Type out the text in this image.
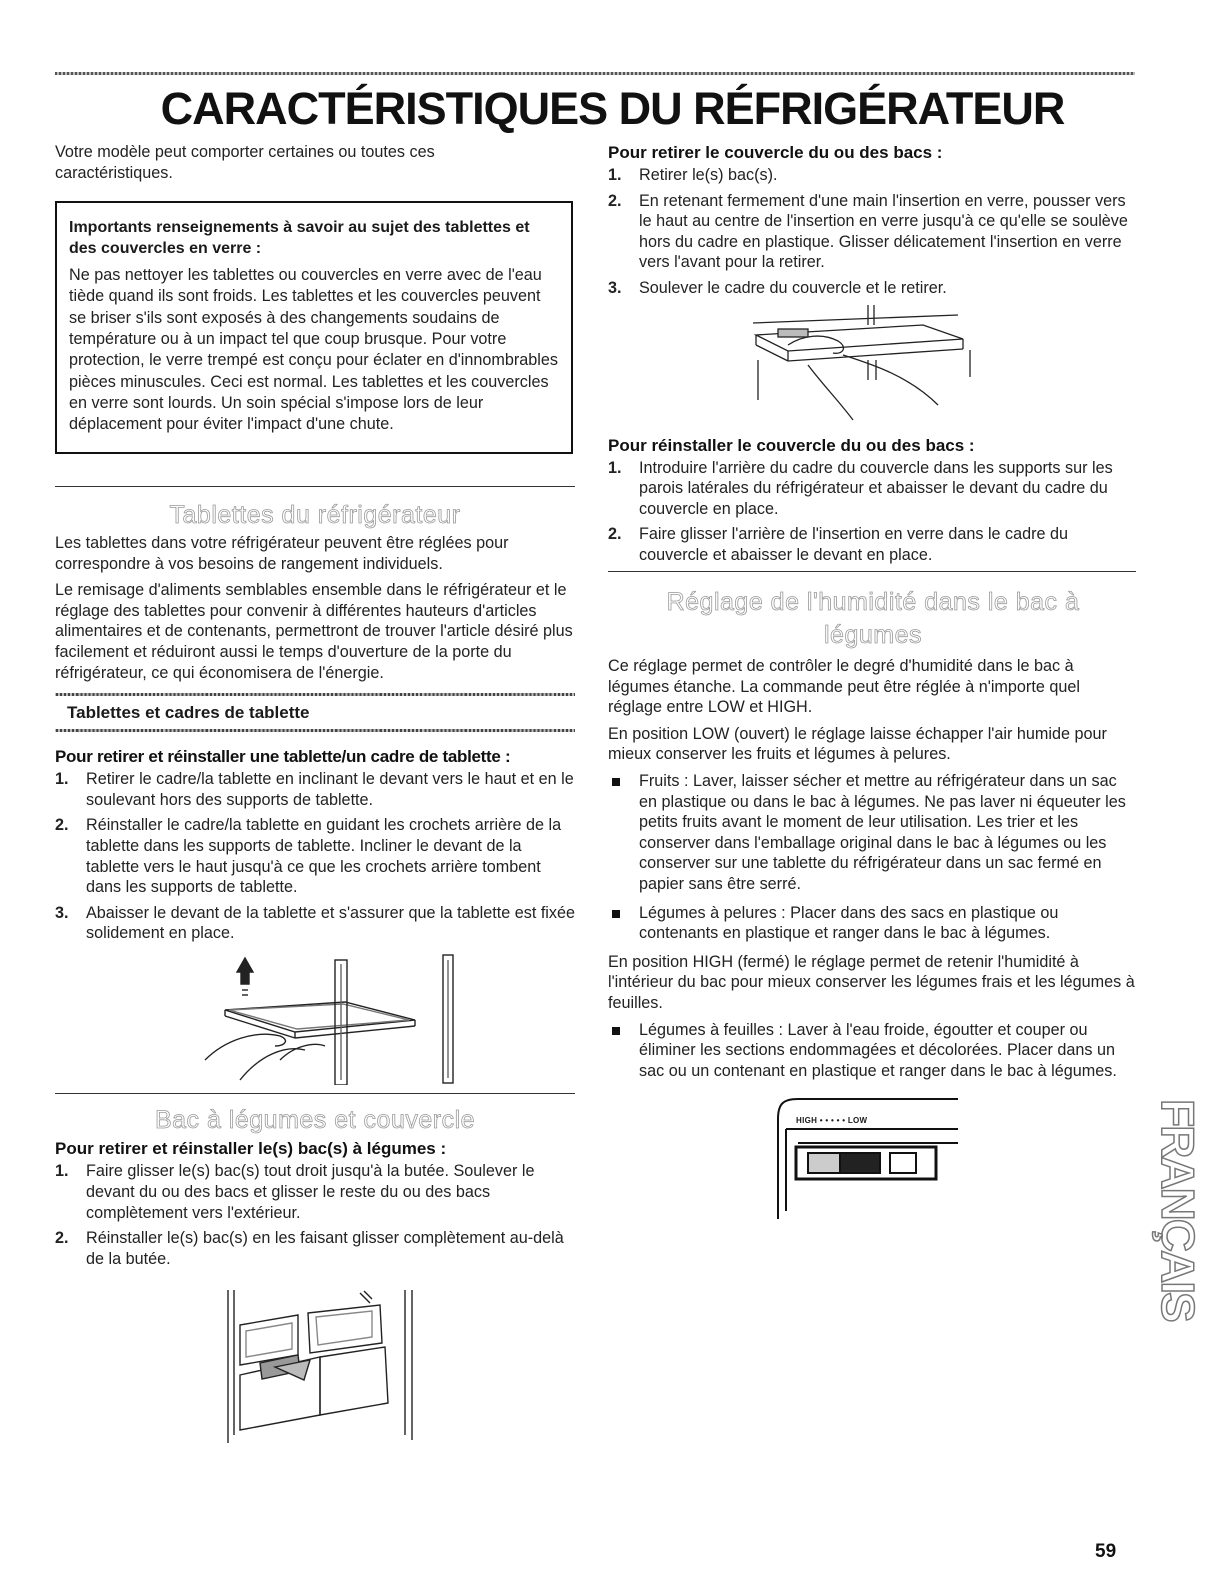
CARACTÉRISTIQUES DU RÉFRIGÉRATEUR

Votre modèle peut comporter certaines ou toutes ces caractéristiques.

Importants renseignements à savoir au sujet des tablettes et des couvercles en verre :
Ne pas nettoyer les tablettes ou couvercles en verre avec de l'eau tiède quand ils sont froids. Les tablettes et les couvercles peuvent se briser s'ils sont exposés à des changements soudains de température ou à un impact tel que coup brusque. Pour votre protection, le verre trempé est conçu pour éclater en d'innombrables pièces minuscules. Ceci est normal. Les tablettes et les couvercles en verre sont lourds. Un soin spécial s'impose lors de leur déplacement pour éviter l'impact d'une chute.
Tablettes du réfrigérateur

Les tablettes dans votre réfrigérateur peuvent être réglées pour correspondre à vos besoins de rangement individuels.

Le remisage d'aliments semblables ensemble dans le réfrigérateur et le réglage des tablettes pour convenir à différentes hauteurs d'articles alimentaires et de contenants, permettront de trouver l'article désiré plus facilement et réduiront aussi le temps d'ouverture de la porte du réfrigérateur, ce qui économisera de l'énergie.

Tablettes et cadres de tablette
Pour retirer et réinstaller une tablette/un cadre de tablette :
1. Retirer le cadre/la tablette en inclinant le devant vers le haut et en le soulevant hors des supports de tablette.
2. Réinstaller le cadre/la tablette en guidant les crochets arrière de la tablette dans les supports de tablette. Incliner le devant de la tablette vers le haut jusqu'à ce que les crochets arrière tombent dans les supports de tablette.
3. Abaisser le devant de la tablette et s'assurer que la tablette est fixée solidement en place.
Bac à légumes et couvercle
Pour retirer et réinstaller le(s) bac(s) à légumes :
1. Faire glisser le(s) bac(s) tout droit jusqu'à la butée. Soulever le devant du ou des bacs et glisser le reste du ou des bacs complètement vers l'extérieur.
2. Réinstaller le(s) bac(s) en les faisant glisser complètement au-delà de la butée.
Pour retirer le couvercle du ou des bacs :
1. Retirer le(s) bac(s).
2. En retenant fermement d'une main l'insertion en verre, pousser vers le haut au centre de l'insertion en verre jusqu'à ce qu'elle se soulève hors du cadre en plastique. Glisser délicatement l'insertion en verre vers l'avant pour la retirer.
3. Soulever le cadre du couvercle et le retirer.
Pour réinstaller le couvercle du ou des bacs :
1. Introduire l'arrière du cadre du couvercle dans les supports sur les parois latérales du réfrigérateur et abaisser le devant du cadre du couvercle en place.
2. Faire glisser l'arrière de l'insertion en verre dans le cadre du couvercle et abaisser le devant en place.
Réglage de l'humidité dans le bac à légumes

Ce réglage permet de contrôler le degré d'humidité dans le bac à légumes étanche. La commande peut être réglée à n'importe quel réglage entre LOW et HIGH.

En position LOW (ouvert) le réglage laisse échapper l'air humide pour mieux conserver les fruits et légumes à pelures.

Fruits : Laver, laisser sécher et mettre au réfrigérateur dans un sac en plastique ou dans le bac à légumes. Ne pas laver ni équeuter les petits fruits avant le moment de leur utilisation. Les trier et les conserver dans l'emballage original dans le bac à légumes ou les conserver sur une tablette du réfrigérateur dans un sac fermé en papier sans être serré.
Légumes à pelures : Placer dans des sacs en plastique ou contenants en plastique et ranger dans le bac à légumes.

En position HIGH (fermé) le réglage permet de retenir l'humidité à l'intérieur du bac pour mieux conserver les légumes frais et les légumes à feuilles.

Légumes à feuilles : Laver à l'eau froide, égoutter et couper ou éliminer les sections endommagées et décolorées. Placer dans un sac ou un contenant en plastique et ranger dans le bac à légumes.
HIGH • • • • • LOW	FRANÇAIS
59
